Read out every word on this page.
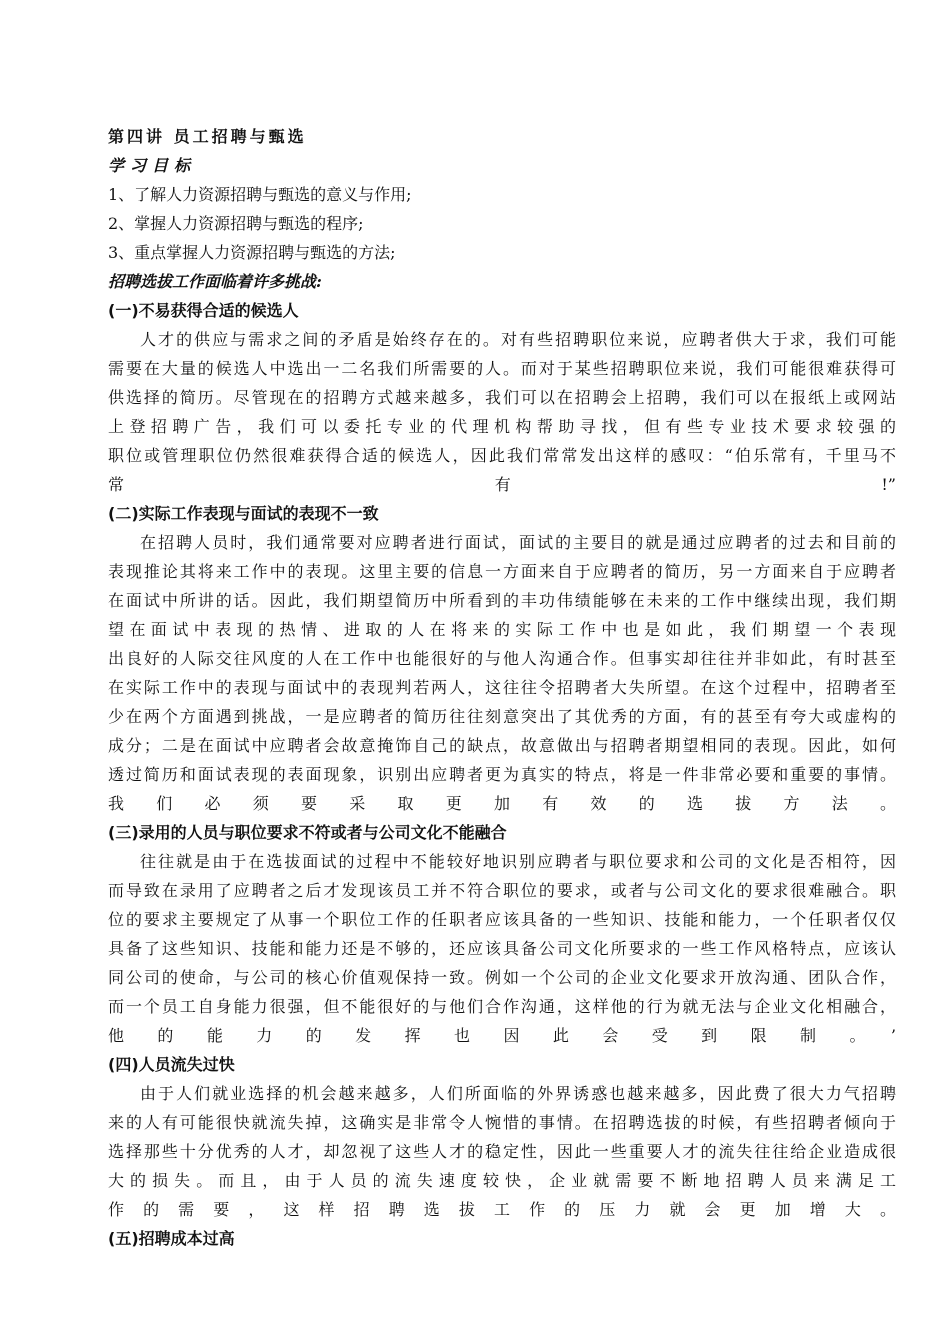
第四讲 员工招聘与甄选
学习目标
1、了解人力资源招聘与甄选的意义与作用;
2、掌握人力资源招聘与甄选的程序;
3、重点掌握人力资源招聘与甄选的方法;
招聘选拔工作面临着许多挑战:
(一)不易获得合适的候选人
人才的供应与需求之间的矛盾是始终存在的。对有些招聘职位来说，应聘者供大于求，我们可能
需要在大量的候选人中选出一二名我们所需要的人。而对于某些招聘职位来说，我们可能很难获得可
供选择的简历。尽管现在的招聘方式越来越多，我们可以在招聘会上招聘，我们可以在报纸上或网站
上登招聘广告，我们可以委托专业的代理机构帮助寻找，但有些专业技术要求较强的
职位或管理职位仍然很难获得合适的候选人，因此我们常常发出这样的感叹：“伯乐常有，千里马不
常有!”
(二)实际工作表现与面试的表现不一致
在招聘人员时，我们通常要对应聘者进行面试，面试的主要目的就是通过应聘者的过去和目前的
表现推论其将来工作中的表现。这里主要的信息一方面来自于应聘者的简历，另一方面来自于应聘者
在面试中所讲的话。因此，我们期望简历中所看到的丰功伟绩能够在未来的工作中继续出现，我们期
望在面试中表现的热情、进取的人在将来的实际工作中也是如此，我们期望一个表现
出良好的人际交往风度的人在工作中也能很好的与他人沟通合作。但事实却往往并非如此，有时甚至
在实际工作中的表现与面试中的表现判若两人，这往往令招聘者大失所望。在这个过程中，招聘者至
少在两个方面遇到挑战，一是应聘者的简历往往刻意突出了其优秀的方面，有的甚至有夸大或虚构的
成分；二是在面试中应聘者会故意掩饰自己的缺点，故意做出与招聘者期望相同的表现。因此，如何
透过简历和面试表现的表面现象，识别出应聘者更为真实的特点，将是一件非常必要和重要的事情。
我们必须要采取更加有效的选拔方法。
(三)录用的人员与职位要求不符或者与公司文化不能融合
往往就是由于在选拔面试的过程中不能较好地识别应聘者与职位要求和公司的文化是否相符，因
而导致在录用了应聘者之后才发现该员工并不符合职位的要求，或者与公司文化的要求很难融合。职
位的要求主要规定了从事一个职位工作的任职者应该具备的一些知识、技能和能力，一个任职者仅仅
具备了这些知识、技能和能力还是不够的，还应该具备公司文化所要求的一些工作风格特点，应该认
同公司的使命，与公司的核心价值观保持一致。例如一个公司的企业文化要求开放沟通、团队合作，
而一个员工自身能力很强，但不能很好的与他们合作沟通，这样他的行为就无法与企业文化相融合，
他的能力的发挥也因此会受到限制。’
(四)人员流失过快
由于人们就业选择的机会越来越多，人们所面临的外界诱惑也越来越多，因此费了很大力气招聘
来的人有可能很快就流失掉，这确实是非常令人惋惜的事情。在招聘选拔的时候，有些招聘者倾向于
选择那些十分优秀的人才，却忽视了这些人才的稳定性，因此一些重要人才的流失往往给企业造成很
大的损失。而且，由于人员的流失速度较快，企业就需要不断地招聘人员来满足工
作的需要，这样招聘选拔工作的压力就会更加增大。
(五)招聘成本过高
